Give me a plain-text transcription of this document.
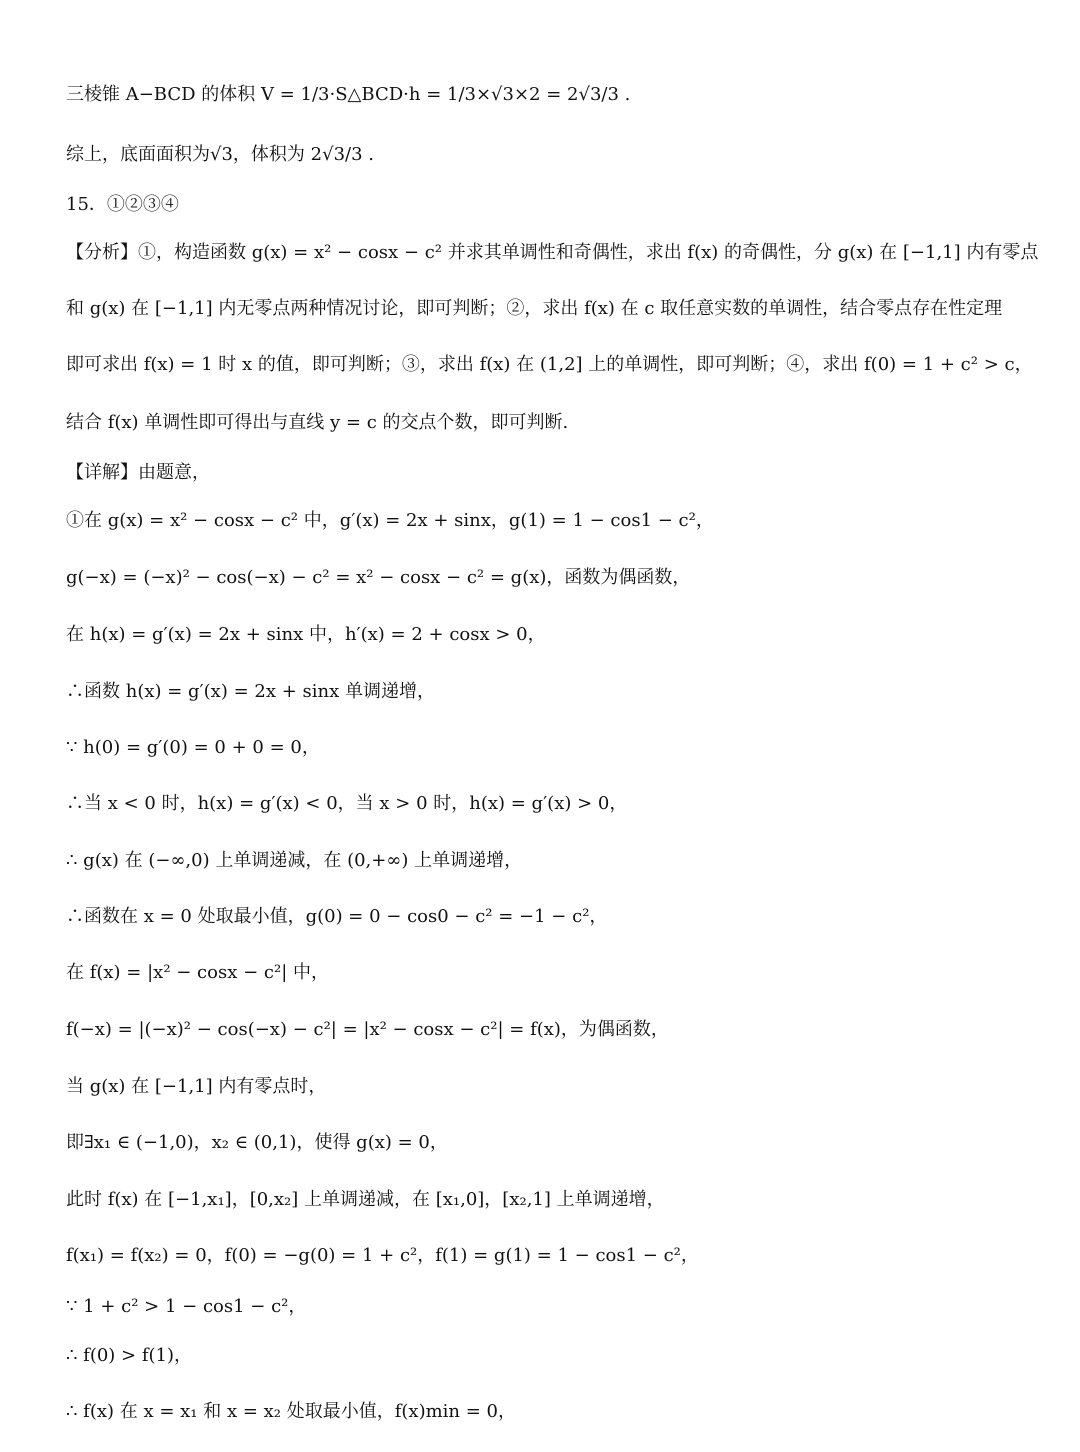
三棱锥 A−BCD 的体积 V = 1/3·S△BCD·h = 1/3×√3×2 = 2√3/3 .
综上，底面面积为√3，体积为 2√3/3 .
15．①②③④
【分析】①，构造函数 g(x) = x² − cosx − c² 并求其单调性和奇偶性，求出 f(x) 的奇偶性，分 g(x) 在 [−1,1] 内有零点
和 g(x) 在 [−1,1] 内无零点两种情况讨论，即可判断；②，求出 f(x) 在 c 取任意实数的单调性，结合零点存在性定理
即可求出 f(x) = 1 时 x 的值，即可判断；③，求出 f(x) 在 (1,2] 上的单调性，即可判断；④，求出 f(0) = 1 + c² > c，
结合 f(x) 单调性即可得出与直线 y = c 的交点个数，即可判断.
【详解】由题意，
①在 g(x) = x² − cosx − c² 中，g′(x) = 2x + sinx，g(1) = 1 − cos1 − c²，
g(−x) = (−x)² − cos(−x) − c² = x² − cosx − c² = g(x)，函数为偶函数，
在 h(x) = g′(x) = 2x + sinx 中，h′(x) = 2 + cosx > 0，
∴函数 h(x) = g′(x) = 2x + sinx 单调递增，
∵ h(0) = g′(0) = 0 + 0 = 0，
∴当 x < 0 时，h(x) = g′(x) < 0，当 x > 0 时，h(x) = g′(x) > 0，
∴ g(x) 在 (−∞,0) 上单调递减，在 (0,+∞) 上单调递增，
∴函数在 x = 0 处取最小值，g(0) = 0 − cos0 − c² = −1 − c²，
在 f(x) = |x² − cosx − c²| 中，
f(−x) = |(−x)² − cos(−x) − c²| = |x² − cosx − c²| = f(x)，为偶函数，
当 g(x) 在 [−1,1] 内有零点时，
即∃x₁ ∈ (−1,0)，x₂ ∈ (0,1)，使得 g(x) = 0，
此时 f(x) 在 [−1,x₁]，[0,x₂] 上单调递减，在 [x₁,0]，[x₂,1] 上单调递增，
f(x₁) = f(x₂) = 0，f(0) = −g(0) = 1 + c²，f(1) = g(1) = 1 − cos1 − c²，
∵ 1 + c² > 1 − cos1 − c²，
∴ f(0) > f(1)，
∴ f(x) 在 x = x₁ 和 x = x₂ 处取最小值，f(x)min = 0，
